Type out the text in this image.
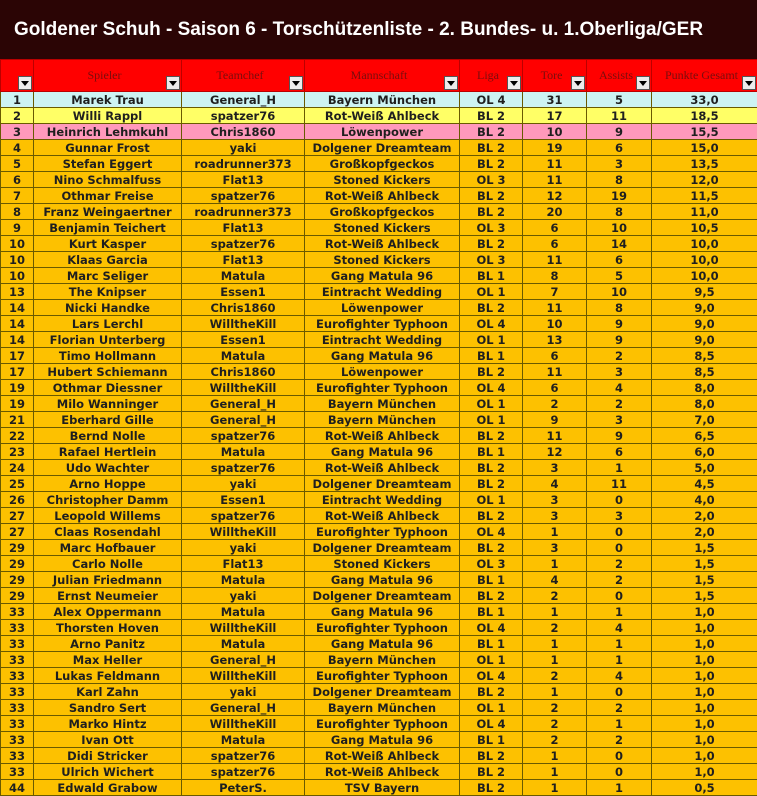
Goldener Schuh - Saison 6 - Torschützenliste - 2. Bundes- u. 1.Oberliga/GER
	Spieler	Teamchef	Mannschaft	Liga	Tore	Assists	Punkte Gesamt

1	Marek Trau	General_H	Bayern München	OL 4	31	5	33,0
2	Willi Rappl	spatzer76	Rot-Weiß Ahlbeck	BL 2	17	11	18,5
3	Heinrich Lehmkuhl	Chris1860	Löwenpower	BL 2	10	9	15,5
4	Gunnar Frost	yaki	Dolgener Dreamteam	BL 2	19	6	15,0
5	Stefan Eggert	roadrunner373	Großkopfgeckos	BL 2	11	3	13,5
6	Nino Schmalfuss	Flat13	Stoned Kickers	OL 3	11	8	12,0
7	Othmar Freise	spatzer76	Rot-Weiß Ahlbeck	BL 2	12	19	11,5
8	Franz Weingaertner	roadrunner373	Großkopfgeckos	BL 2	20	8	11,0
9	Benjamin Teichert	Flat13	Stoned Kickers	OL 3	6	10	10,5
10	Kurt Kasper	spatzer76	Rot-Weiß Ahlbeck	BL 2	6	14	10,0
10	Klaas Garcia	Flat13	Stoned Kickers	OL 3	11	6	10,0
10	Marc Seliger	Matula	Gang Matula 96	BL 1	8	5	10,0
13	The Knipser	Essen1	Eintracht Wedding	OL 1	7	10	9,5
14	Nicki Handke	Chris1860	Löwenpower	BL 2	11	8	9,0
14	Lars Lerchl	WilltheKill	Eurofighter Typhoon	OL 4	10	9	9,0
14	Florian Unterberg	Essen1	Eintracht Wedding	OL 1	13	9	9,0
17	Timo Hollmann	Matula	Gang Matula 96	BL 1	6	2	8,5
17	Hubert Schiemann	Chris1860	Löwenpower	BL 2	11	3	8,5
19	Othmar Diessner	WilltheKill	Eurofighter Typhoon	OL 4	6	4	8,0
19	Milo Wanninger	General_H	Bayern München	OL 1	2	2	8,0
21	Eberhard Gille	General_H	Bayern München	OL 1	9	3	7,0
22	Bernd Nolle	spatzer76	Rot-Weiß Ahlbeck	BL 2	11	9	6,5
23	Rafael Hertlein	Matula	Gang Matula 96	BL 1	12	6	6,0
24	Udo Wachter	spatzer76	Rot-Weiß Ahlbeck	BL 2	3	1	5,0
25	Arno Hoppe	yaki	Dolgener Dreamteam	BL 2	4	11	4,5
26	Christopher Damm	Essen1	Eintracht Wedding	OL 1	3	0	4,0
27	Leopold Willems	spatzer76	Rot-Weiß Ahlbeck	BL 2	3	3	2,0
27	Claas Rosendahl	WilltheKill	Eurofighter Typhoon	OL 4	1	0	2,0
29	Marc Hofbauer	yaki	Dolgener Dreamteam	BL 2	3	0	1,5
29	Carlo Nolle	Flat13	Stoned Kickers	OL 3	1	2	1,5
29	Julian Friedmann	Matula	Gang Matula 96	BL 1	4	2	1,5
29	Ernst Neumeier	yaki	Dolgener Dreamteam	BL 2	2	0	1,5
33	Alex Oppermann	Matula	Gang Matula 96	BL 1	1	1	1,0
33	Thorsten Hoven	WilltheKill	Eurofighter Typhoon	OL 4	2	4	1,0
33	Arno Panitz	Matula	Gang Matula 96	BL 1	1	1	1,0
33	Max Heller	General_H	Bayern München	OL 1	1	1	1,0
33	Lukas Feldmann	WilltheKill	Eurofighter Typhoon	OL 4	2	4	1,0
33	Karl Zahn	yaki	Dolgener Dreamteam	BL 2	1	0	1,0
33	Sandro Sert	General_H	Bayern München	OL 1	2	2	1,0
33	Marko Hintz	WilltheKill	Eurofighter Typhoon	OL 4	2	1	1,0
33	Ivan Ott	Matula	Gang Matula 96	BL 1	2	2	1,0
33	Didi Stricker	spatzer76	Rot-Weiß Ahlbeck	BL 2	1	0	1,0
33	Ulrich Wichert	spatzer76	Rot-Weiß Ahlbeck	BL 2	1	0	1,0
44	Edwald Grabow	PeterS.	TSV Bayern	BL 2	1	1	0,5
